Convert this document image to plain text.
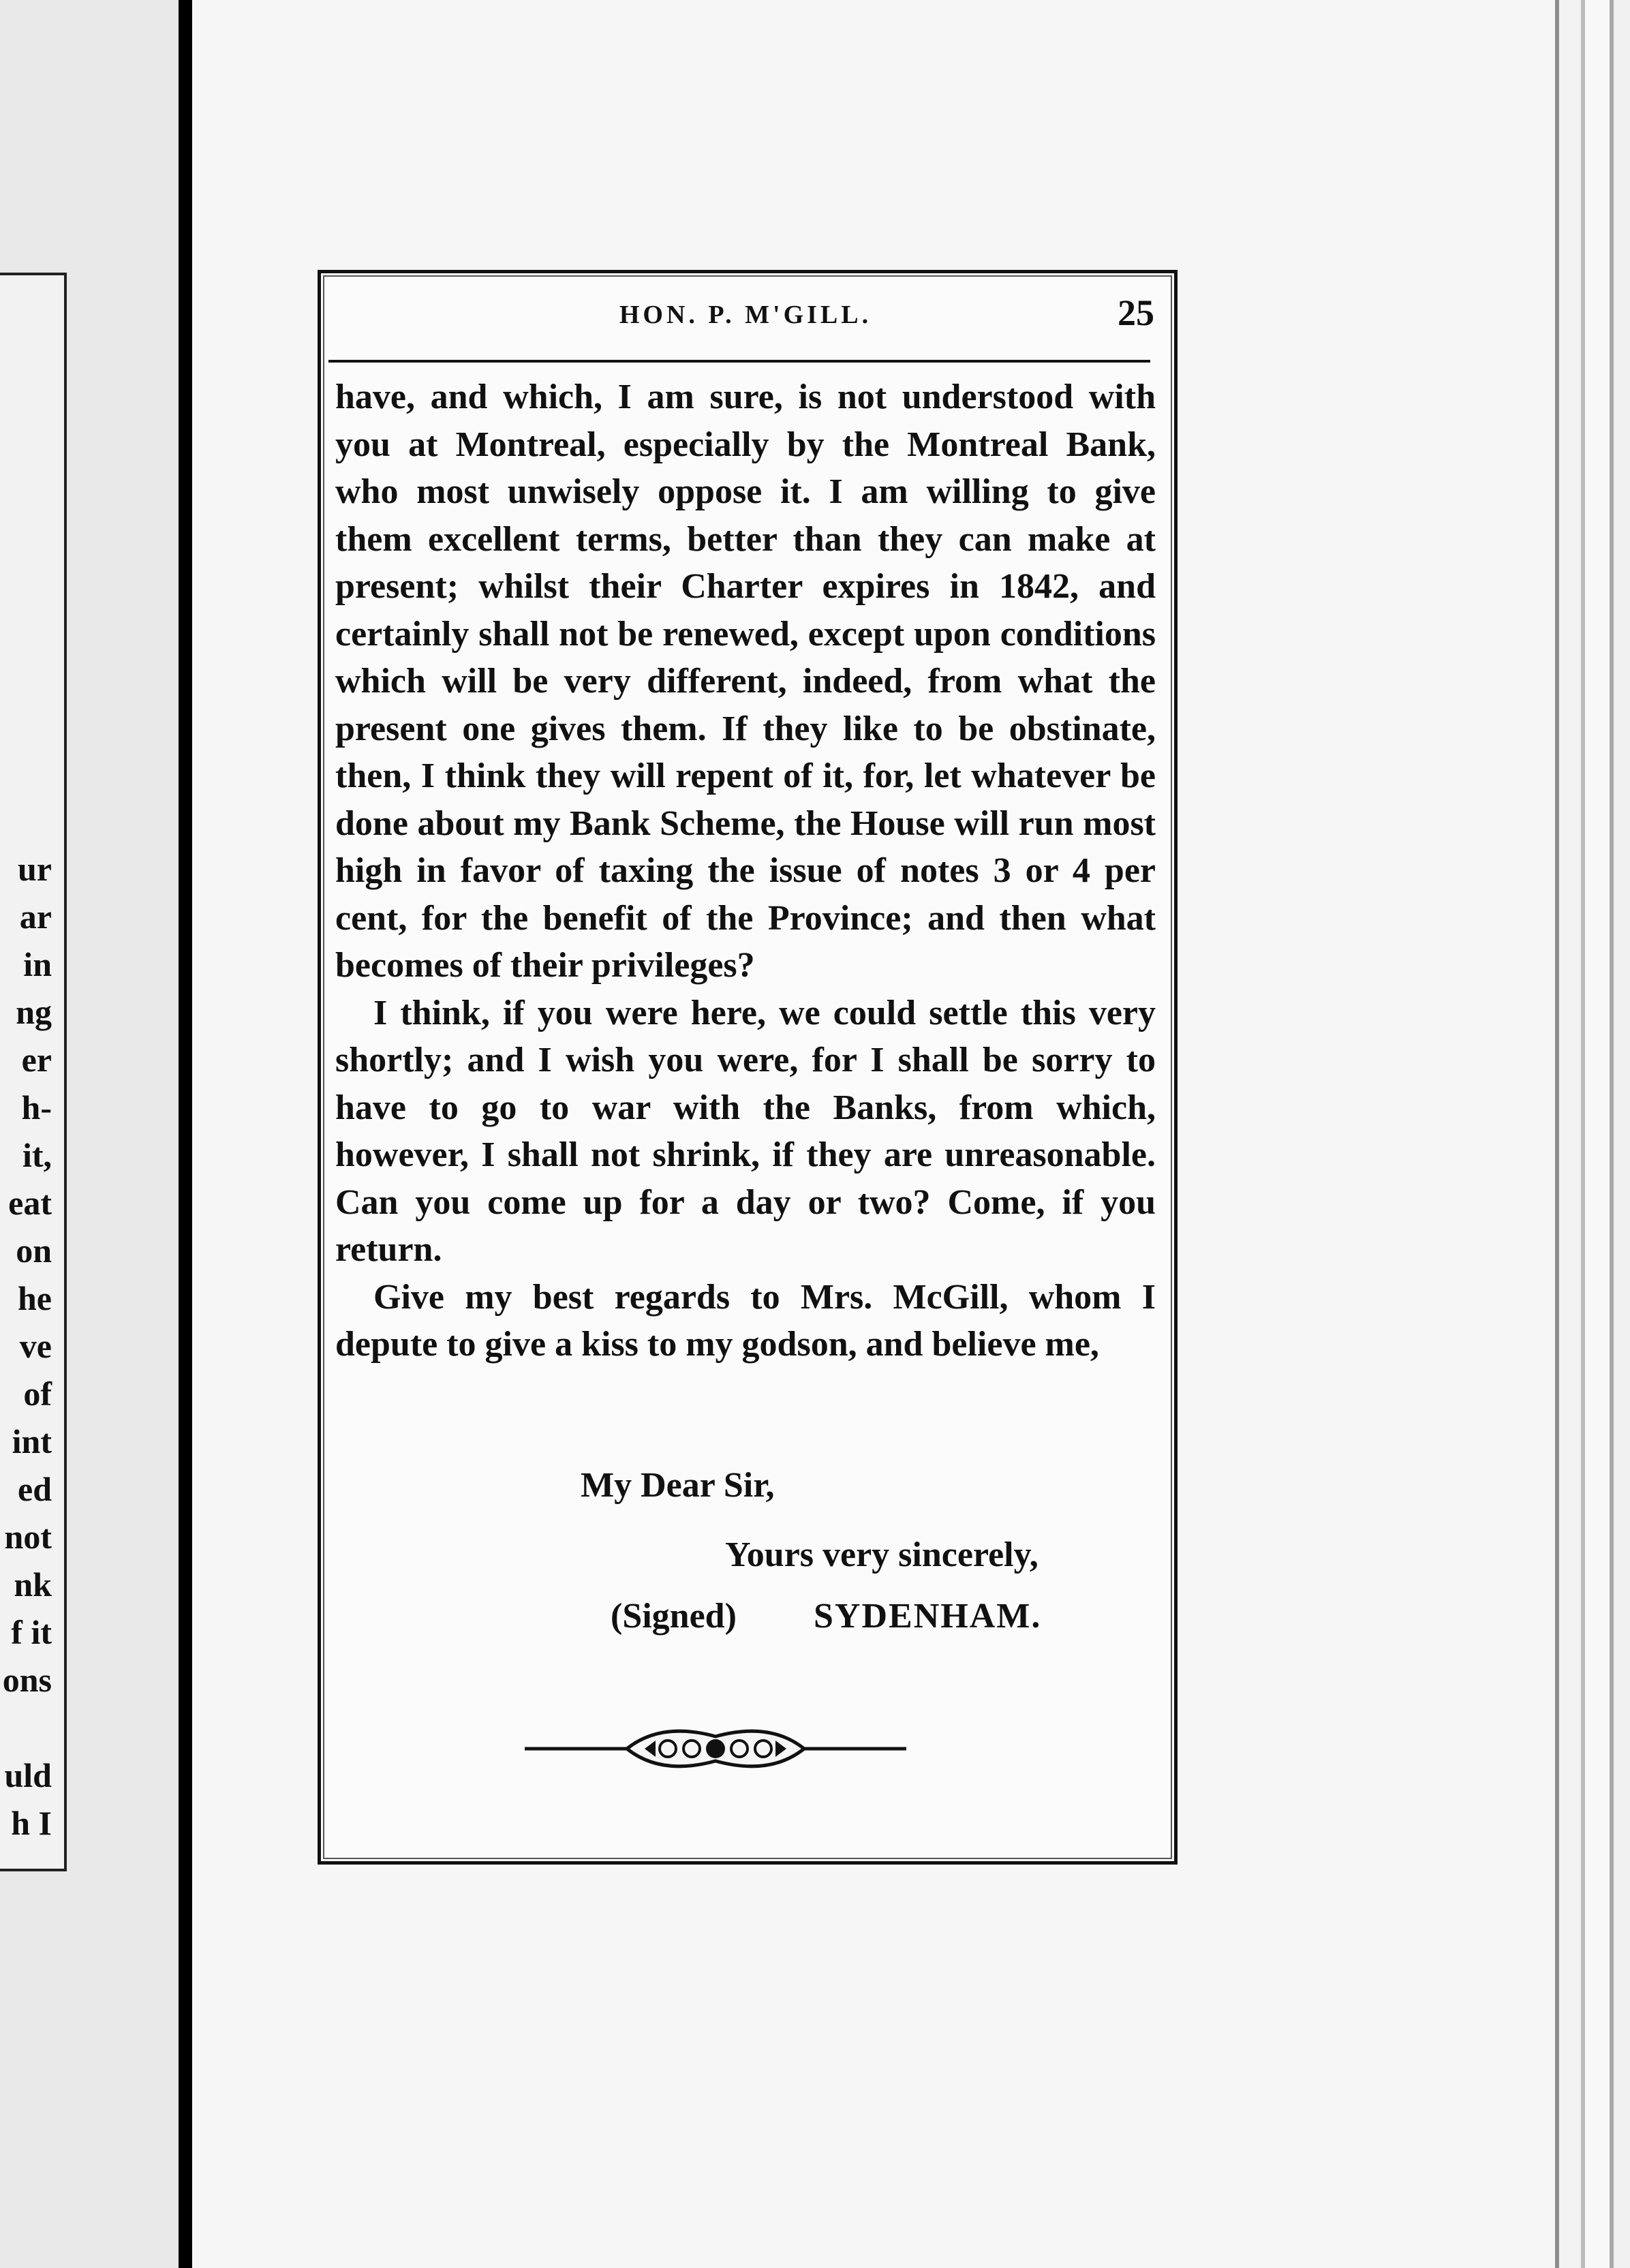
ur
ar
in
ng
er
h-
it,
eat
on
he
ve
of
int
ed
not
nk
f it
ons
uld
h I
HON. P. M'GILL.	25

have, and which, I am sure, is not understood with you at Montreal, especially by the Montreal Bank, who most unwisely oppose it. I am willing to give them excellent terms, better than they can make at present; whilst their Charter expires in 1842, and certainly shall not be renewed, except upon conditions which will be very different, indeed, from what the present one gives them. If they like to be obstinate, then, I think they will repent of it, for, let whatever be done about my Bank Scheme, the House will run most high in favor of taxing the issue of notes 3 or 4 per cent, for the benefit of the Province; and then what becomes of their privileges?

I think, if you were here, we could settle this very shortly; and I wish you were, for I shall be sorry to have to go to war with the Banks, from which, however, I shall not shrink, if they are unreasonable. Can you come up for a day or two? Come, if you return.

Give my best regards to Mrs. McGill, whom I depute to give a kiss to my godson, and believe me,

My Dear Sir,
Yours very sincerely,
(Signed) SYDENHAM.
